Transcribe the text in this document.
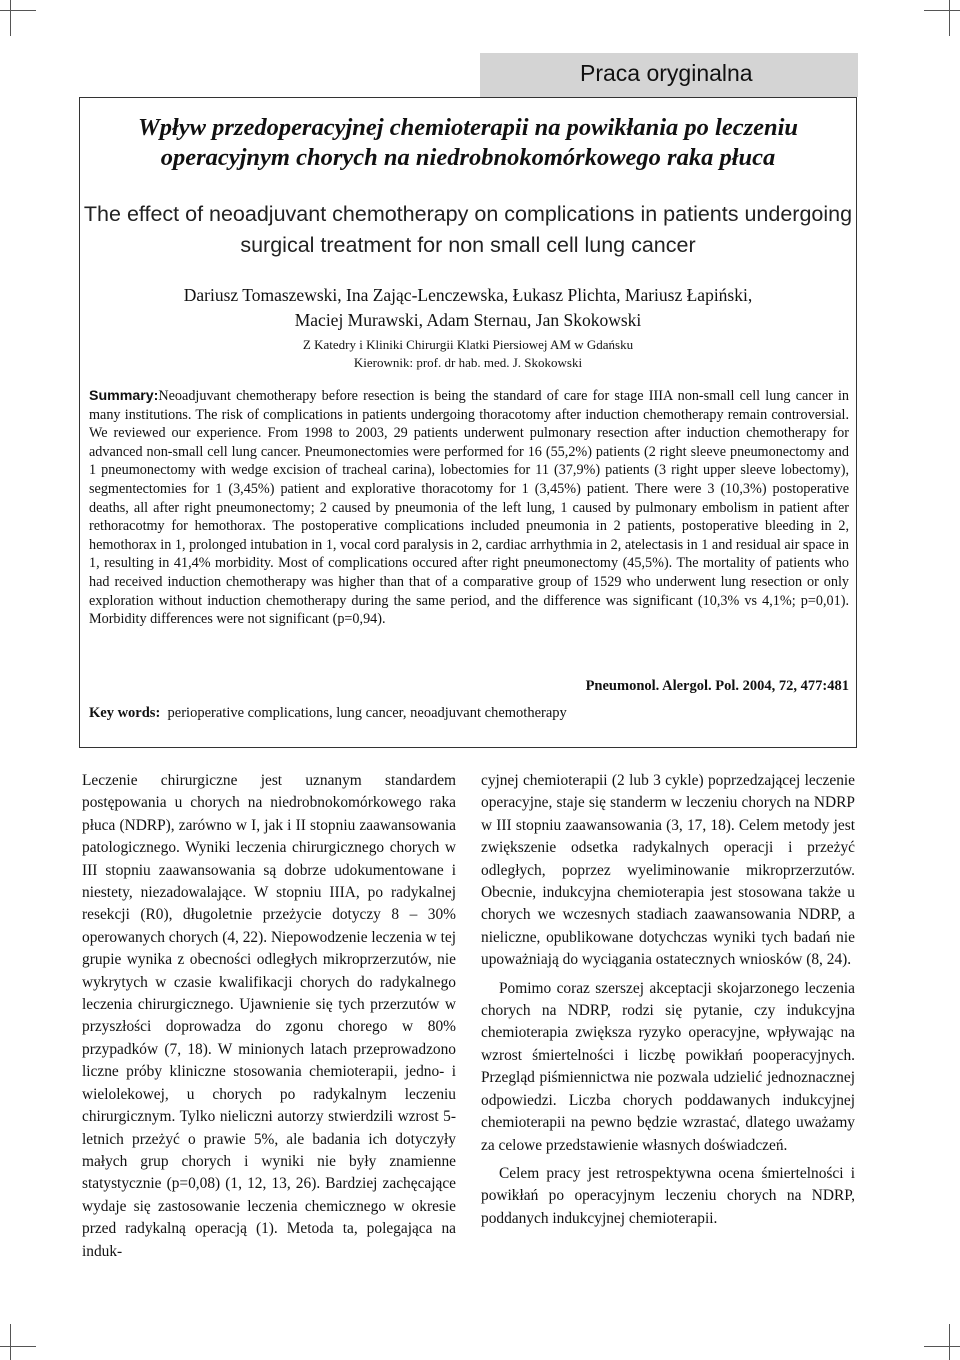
Praca oryginalna
Wpływ przedoperacyjnej chemioterapii na powikłania po leczeniu operacyjnym chorych na niedrobnokomórkowego raka płuca
The effect of neoadjuvant chemotherapy on complications in patients undergoing surgical treatment for non small cell lung cancer
Dariusz Tomaszewski, Ina Zając-Lenczewska, Łukasz Plichta, Mariusz Łapiński,
Maciej Murawski, Adam Sternau, Jan Skokowski
Z Katedry i Kliniki Chirurgii Klatki Piersiowej AM w Gdańsku
Kierownik: prof. dr hab. med. J. Skokowski
Summary:Neoadjuvant chemotherapy before resection is being the standard of care for stage IIIA non-small cell lung cancer in many institutions. The risk of complications in patients undergoing thoracotomy after induction chemotherapy remain controversial. We reviewed our experience. From 1998 to 2003, 29 patients underwent pulmonary resection after induction chemotherapy for advanced non-small cell lung cancer. Pneumonectomies were performed for 16 (55,2%) patients (2 right sleeve pneumonectomy and 1 pneumonectomy with wedge excision of tracheal carina), lobectomies for 11 (37,9%) patients (3 right upper sleeve lobectomy), segmentectomies for 1 (3,45%) patient and explorative thoracotomy for 1 (3,45%) patient. There were 3 (10,3%) postoperative deaths, all after right pneumonectomy; 2 caused by pneumonia of the left lung, 1 caused by pulmonary embolism in patient after rethoracotmy for hemothorax. The postoperative complications included pneumonia in 2 patients, postoperative bleeding in 2, hemothorax in 1, prolonged intubation in 1, vocal cord paralysis in 2, cardiac arrhythmia in 2, atelectasis in 1 and residual air space in 1, resulting in 41,4% morbidity. Most of complications occured after right pneumonectomy (45,5%). The mortality of patients who had received induction chemotherapy was higher than that of a comparative group of 1529 who underwent lung resection or only exploration without induction chemotherapy during the same period, and the difference was significant (10,3% vs 4,1%; p=0,01). Morbidity differences were not significant (p=0,94).
Pneumonol. Alergol. Pol. 2004, 72, 477:481
Key words: perioperative complications, lung cancer, neoadjuvant chemotherapy

Leczenie chirurgiczne jest uznanym standardem postępowania u chorych na niedrobnokomórkowego raka płuca (NDRP), zarówno w I, jak i II stopniu zaawansowania patologicznego. Wyniki leczenia chirurgicznego chorych w III stopniu zaawansowania są dobrze udokumentowane i niestety, niezadowalające. W stopniu IIIA, po radykalnej resekcji (R0), długoletnie przeżycie dotyczy 8 – 30% operowanych chorych (4, 22). Niepowodzenie leczenia w tej grupie wynika z obecności odległych mikroprzerzutów, nie wykrytych w czasie kwalifikacji chorych do radykalnego leczenia chirurgicznego. Ujawnienie się tych przerzutów w przyszłości doprowadza do zgonu chorego w 80% przypadków (7, 18). W minionych latach przeprowadzono liczne próby kliniczne stosowania chemioterapii, jedno- i wielolekowej, u chorych po radykalnym leczeniu chirurgicznym. Tylko nieliczni autorzy stwierdzili wzrost 5-letnich przeżyć o prawie 5%, ale badania ich dotyczyły małych grup chorych i wyniki nie były znamienne statystycznie (p=0,08) (1, 12, 13, 26). Bardziej zachęcające wydaje się zastosowanie leczenia chemicznego w okresie przed radykalną operacją (1). Metoda ta, polegająca na induk-

cyjnej chemioterapii (2 lub 3 cykle) poprzedzającej leczenie operacyjne, staje się standerm w leczeniu chorych na NDRP w III stopniu zaawansowania (3, 17, 18). Celem metody jest zwiększenie odsetka radykalnych operacji i przeżyć odległych, poprzez wyeliminowanie mikroprzerzutów. Obecnie, indukcyjna chemioterapia jest stosowana także u chorych we wczesnych stadiach zaawansowania NDRP, a nieliczne, opublikowane dotychczas wyniki tych badań nie upoważniają do wyciągania ostatecznych wniosków (8, 24).

Pomimo coraz szerszej akceptacji skojarzonego leczenia chorych na NDRP, rodzi się pytanie, czy indukcyjna chemioterapia zwiększa ryzyko operacyjne, wpływając na wzrost śmiertelności i liczbę powikłań pooperacyjnych. Przegląd piśmiennictwa nie pozwala udzielić jednoznacznej odpowiedzi. Liczba chorych poddawanych indukcyjnej chemioterapii na pewno będzie wzrastać, dlatego uważamy za celowe przedstawienie własnych doświadczeń.

Celem pracy jest retrospektywna ocena śmiertelności i powikłań po operacyjnym leczeniu chorych na NDRP, poddanych indukcyjnej chemioterapii.
